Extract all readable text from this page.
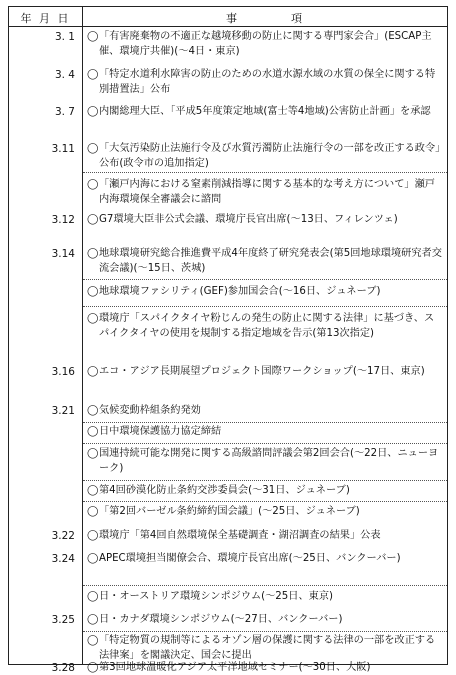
年 月 日	事　　　　項
3. 1 ◯ 「有害廃棄物の不適正な越境移動の防止に関する専門家会合」(ESCAP主催、環境庁共催)(〜4日・東京)
3. 4 ◯ 「特定水道利水障害の防止のための水道水源水域の水質の保全に関する特別措置法」公布
3. 7 ◯ 内閣総理大臣、「平成5年度策定地域(富士等4地域)公害防止計画」を承認
3.11 ◯ 「大気汚染防止法施行令及び水質汚濁防止法施行令の一部を改正する政令」公布(政令市の追加指定)
◯ 「瀬戸内海における窒素削減指導に関する基本的な考え方について」瀬戸内海環境保全審議会に諮問
3.12 ◯ G7環境大臣非公式会議、環境庁長官出席(〜13日、フィレンツェ)
3.14 ◯ 地球環境研究総合推進費平成4年度終了研究発表会(第5回地球環境研究者交流会議)(〜15日、茨城)
◯ 地球環境ファシリティ(GEF)参加国会合(〜16日、ジュネーブ)
◯ 環境庁「スパイクタイヤ粉じんの発生の防止に関する法律」に基づき、スパイクタイヤの使用を規制する指定地域を告示(第13次指定)
3.16 ◯ エコ・アジア長期展望プロジェクト国際ワークショップ(〜17日、東京)
3.21 ◯ 気候変動枠組条約発効
◯ 日中環境保護協力協定締結
◯ 国連持続可能な開発に関する高級諮問評議会第2回会合(〜22日、ニューヨーク)
◯ 第4回砂漠化防止条約交渉委員会(〜31日、ジュネーブ)
◯ 「第2回バーゼル条約締約国会議」(〜25日、ジュネーブ)
3.22 ◯ 環境庁「第4回自然環境保全基礎調査・湖沼調査の結果」公表
3.24 ◯ APEC環境担当閣僚会合、環境庁長官出席(〜25日、バンクーバー)
◯ 日・オーストリア環境シンポジウム(〜25日、東京)
3.25 ◯ 日・カナダ環境シンポジウム(〜27日、バンクーバー)
◯ 「特定物質の規制等によるオゾン層の保護に関する法律の一部を改正する法律案」を閣議決定、国会に提出
3.28 ◯ 第3回地球温暖化アジア太平洋地域セミナー(〜30日、大阪)
